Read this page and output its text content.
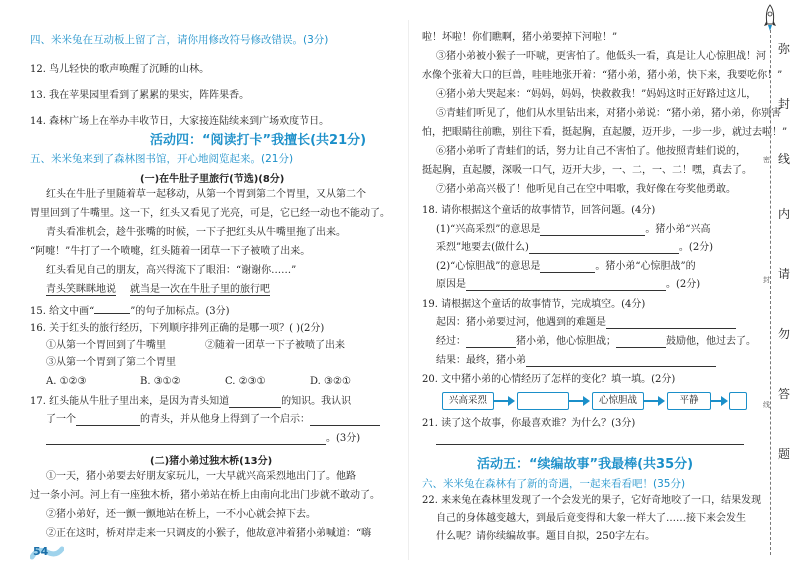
四、米米兔在互动板上留了言，请你用修改符号修改错误。(3分)
12. 鸟儿轻快的歌声唤醒了沉睡的山林。
13. 我在苹果园里看到了累累的果实，阵阵果香。
14. 森林广场上在举办丰收节日，大家接连陆续来到广场欢度节日。
活动四：“阅读打卡”我擅长(共21分)
五、米米兔来到了森林图书馆，开心地阅览起来。(21分)
(一)在牛肚子里旅行(节选)(8分)
红头在牛肚子里随着草一起移动，从第一个胃到第二个胃里，又从第二个
胃里回到了牛嘴里。这一下，红头又看见了光亮，可是，它已经一动也不能动了。
青头看准机会，趁牛张嘴的时候，一下子把红头从牛嘴里拖了出来。
“阿嚏！”牛打了一个喷嚏，红头随着一团草一下子被喷了出来。
红头看见自己的朋友，高兴得流下了眼泪：“谢谢你……”
青头笑眯眯地说 就当是一次在牛肚子里的旅行吧
15. 给文中画“	”的句子加标点。(3分)
16. 关于红头的旅行经历，下列顺序排列正确的是哪一项？( )(2分)
①从第一个胃回到了牛嘴里	②随着一团草一下子被喷了出来
③从第一个胃到了第二个胃里
A. ①②③	B. ③①②	C. ②③①	D. ③②①
17. 红头能从牛肚子里出来，是因为青头知道	的知识。我认识
了一个	的青头，并从他身上得到了一个启示：
。(3分)
(二)猪小弟过独木桥(13分)
①一天，猪小弟要去好朋友家玩儿，一大早就兴高采烈地出门了。他路
过一条小河。河上有一座独木桥，猪小弟站在桥上由南向北出门步就不敢动了。
②猪小弟好，还一颤一颤地站在桥上，一不小心就会掉下去。
②正在这时，桥对岸走来一只调皮的小猴子，他故意冲着猪小弟喊道：“嗨
54
啦！坏啦！你们瞧啊，猪小弟要掉下河啦！”
③猪小弟被小猴子一吓唬，更害怕了。他低头一看，真是让人心惊胆战！河
水像个张着大口的巨兽，哇哇地张开着：“猪小弟，猪小弟，快下来，我要吃你！”
④猪小弟大哭起来：“妈妈，妈妈，快救救我！”妈妈这时正好路过这儿，
⑤青蛙们听见了，他们从水里钻出来，对猪小弟说：“猪小弟，猪小弟，你别害
怕，把眼睛往前瞧，别往下看，挺起胸，直起腰，迈开步，一步一步，就过去啦！”
⑥猪小弟听了青蛙们的话，努力让自己不害怕了。他按照青蛙们说的，
挺起胸，直起腰，深吸一口气，迈开大步，一、二，一、二！嘿，真去了。
⑦猪小弟高兴极了！他听见自己在空中唱歌，我好像在夸奖他勇敢。
18. 请你根据这个童话的故事情节，回答问题。(4分)
(1)“兴高采烈”的意思是	。猪小弟“兴高
采烈”地要去(做什么)	。(2分)
(2)“心惊胆战”的意思是	。猪小弟“心惊胆战”的
原因是	。(2分)
19. 请根据这个童话的故事情节，完成填空。(4分)
起因：猪小弟要过河，他遇到的难题是
经过：	猪小弟，他心惊胆战；	鼓励他，他过去了。
结果：最终，猪小弟
20. 文中猪小弟的心情经历了怎样的变化？填一填。(2分)
兴高采烈	心惊胆战	平静
21. 读了这个故事，你最喜欢谁？为什么？(3分)
活动五：“续编故事”我最棒(共35分)
六、米米兔在森林有了新的奇遇，一起来看看吧！(35分)
22. 来来兔在森林里发现了一个会发光的果子，它好奇地咬了一口，结果发现
自己的身体越变越大，到最后竟变得和大象一样大了……接下来会发生
什么呢？请你续编故事。题目自拟，250字左右。
弥
封
线
内
请
勿
答
题
密
封
线
